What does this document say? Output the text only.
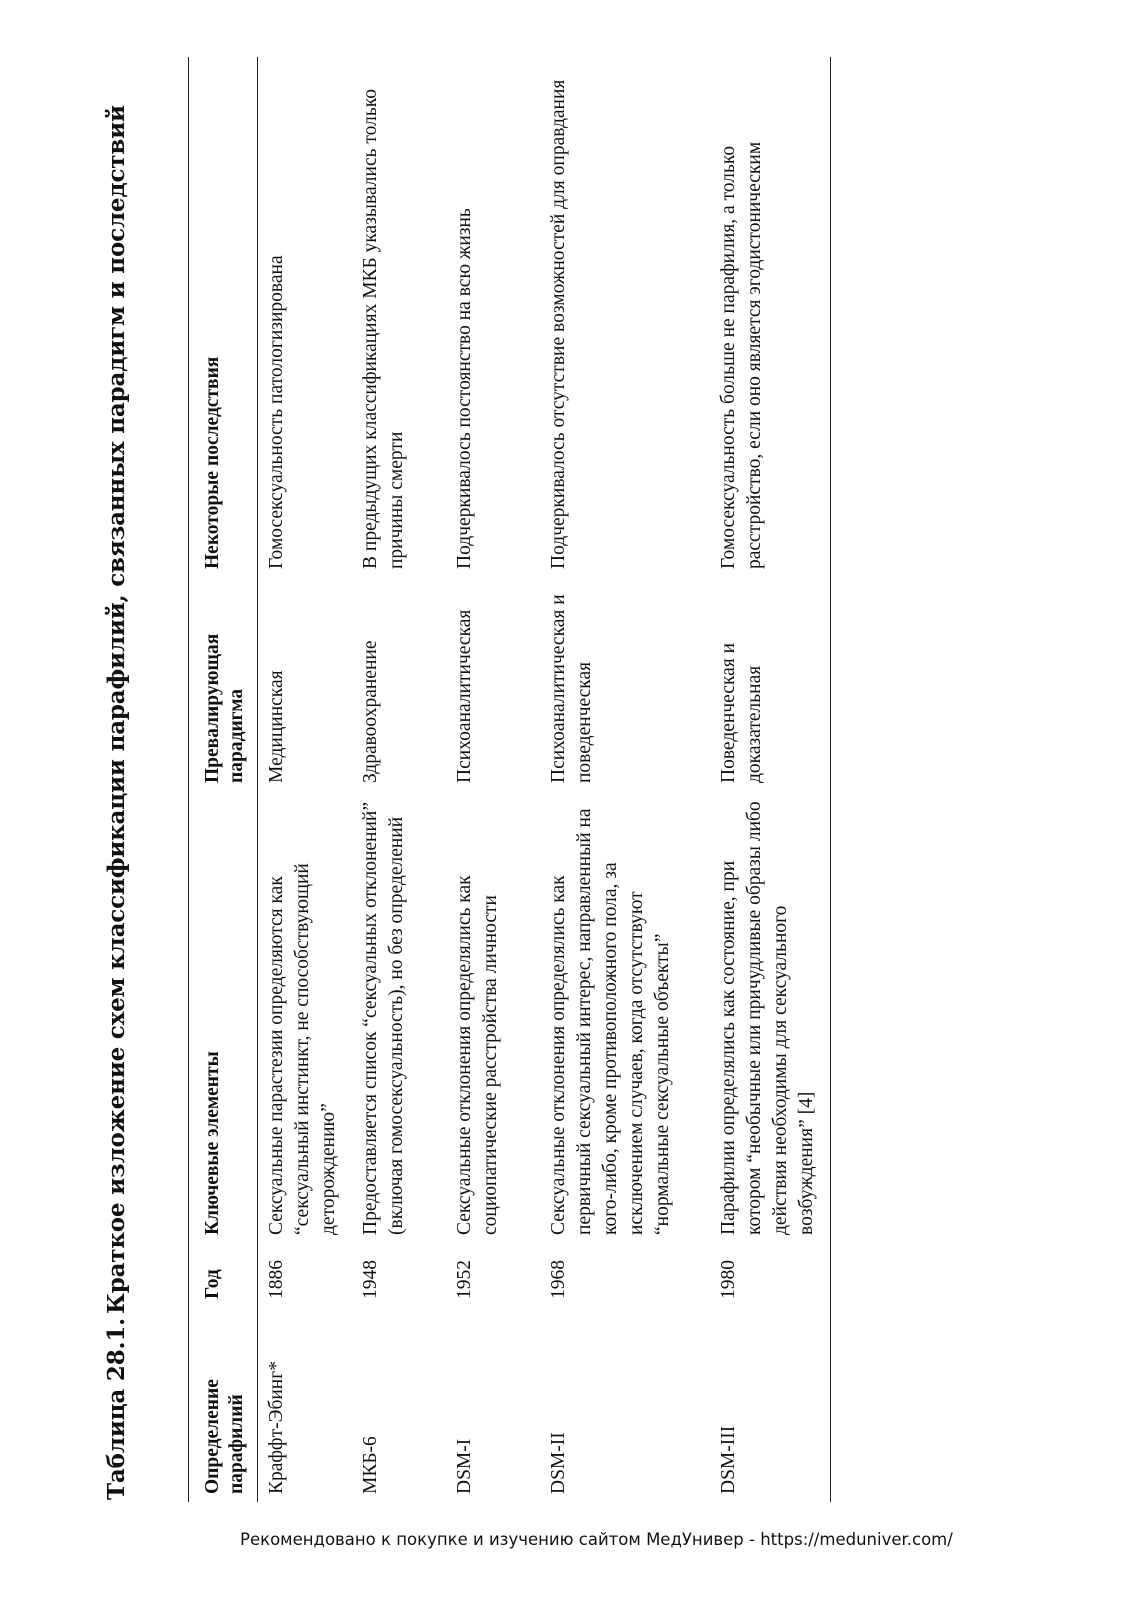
Таблица 28.1.Краткое изложение схем классификации парафилий, связанных парадигм и последствий
Определение парафилий	Год	Ключевые элементы	Превалирующая парадигма	Некоторые последствия
Краффт-Эбинг*	1886	Сексуальные парастезии определяются как “сексуальный инстинкт, не способствующий деторождению”	Медицинская	Гомосексуальность патологизирована
МКБ-6	1948	Предоставляется список “сексуальных отклонений” (включая гомосексуальность), но без определений	Здравоохранение	В предыдущих классификациях МКБ указывались только причины смерти
DSM-I	1952	Сексуальные отклонения определялись как социопатические расстройства личности	Психоаналитическая	Подчеркивалось постоянство на всю жизнь
DSM-II	1968	Сексуальные отклонения определялись как первичный сексуальный интерес, направленный на кого-либо, кроме противоположного пола, за исключением случаев, когда отсутствуют “нормальные сексуальные объекты”	Психоаналитическая и поведенческая	Подчеркивалось отсутствие возможностей для оправдания
DSM-III	1980	Парафилии определялись как состояние, при котором “необычные или причудливые образы либо действия необходимы для сексуального возбуждения” [4]	Поведенческая и доказательная	Гомосексуальность больше не парафилия, а только расстройство, если оно является эгодистоническим
Рекомендовано к покупке и изучению сайтом МедУнивер - https://meduniver.com/
